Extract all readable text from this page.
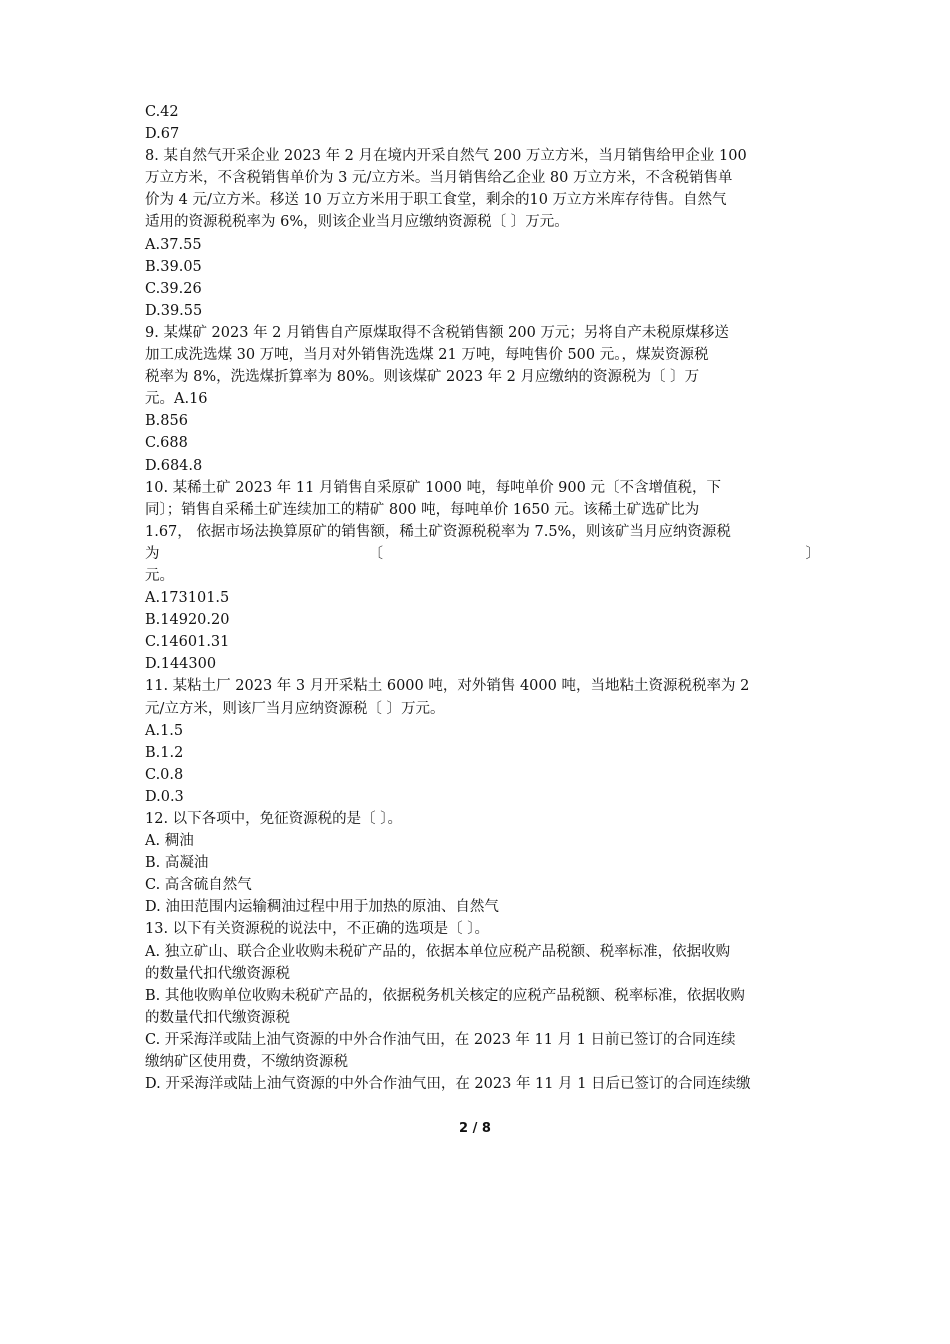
C.42
D.67
8. 某自然气开采企业 2023 年 2 月在境内开采自然气 200 万立方米，当月销售给甲企业 100
万立方米，不含税销售单价为 3 元/立方米。当月销售给乙企业 80 万立方米，不含税销售单
价为 4 元/立方米。移送 10 万立方米用于职工食堂，剩余的10 万立方米库存待售。自然气
适用的资源税税率为 6%，则该企业当月应缴纳资源税〔 〕万元。
A.37.55
B.39.05
C.39.26
D.39.55
9. 某煤矿 2023 年 2 月销售自产原煤取得不含税销售额 200 万元；另将自产未税原煤移送
加工成洗选煤 30 万吨，当月对外销售洗选煤 21 万吨，每吨售价 500 元。，煤炭资源税
税率为 8%，洗选煤折算率为 80%。则该煤矿 2023 年 2 月应缴纳的资源税为〔 〕万
元。A.16
B.856
C.688
D.684.8
10. 某稀土矿 2023 年 11 月销售自采原矿 1000 吨，每吨单价 900 元〔不含增值税，下
同〕；销售自采稀土矿连续加工的精矿 800 吨，每吨单价 1650 元。该稀土矿选矿比为
1.67， 依据市场法换算原矿的销售额，稀土矿资源税税率为 7.5%，则该矿当月应纳资源税
为〔 〕
元。
A.173101.5
B.14920.20
C.14601.31
D.144300
11. 某粘土厂 2023 年 3 月开采粘土 6000 吨，对外销售 4000 吨，当地粘土资源税税率为 2
元/立方米，则该厂当月应纳资源税〔 〕万元。
A.1.5
B.1.2
C.0.8
D.0.3
12. 以下各项中，免征资源税的是〔 〕。
A. 稠油
B. 高凝油
C. 高含硫自然气
D. 油田范围内运输稠油过程中用于加热的原油、自然气
13. 以下有关资源税的说法中，不正确的选项是〔 〕。
A. 独立矿山、联合企业收购未税矿产品的，依据本单位应税产品税额、税率标准，依据收购
的数量代扣代缴资源税
B. 其他收购单位收购未税矿产品的，依据税务机关核定的应税产品税额、税率标准，依据收购
的数量代扣代缴资源税
C. 开采海洋或陆上油气资源的中外合作油气田，在 2023 年 11 月 1 日前已签订的合同连续
缴纳矿区使用费，不缴纳资源税
D. 开采海洋或陆上油气资源的中外合作油气田，在 2023 年 11 月 1 日后已签订的合同连续缴
2 / 8
